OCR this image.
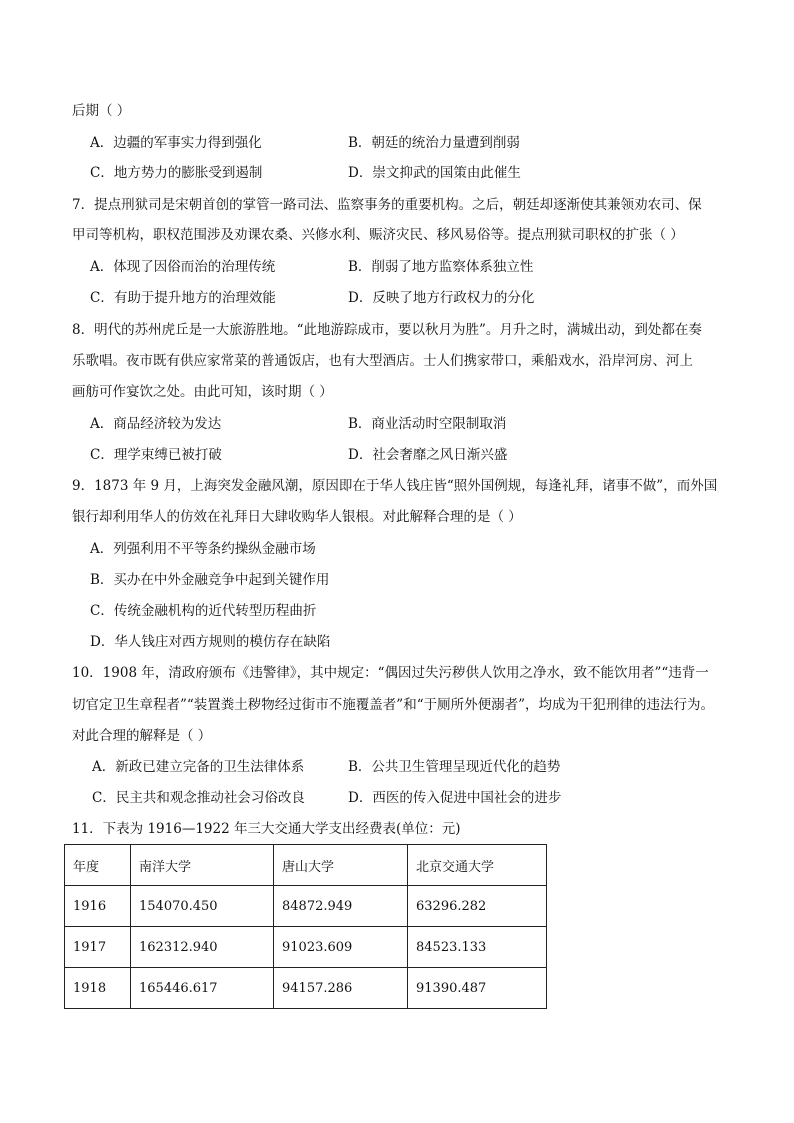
后期（ ）
A．边疆的军事实力得到强化	B．朝廷的统治力量遭到削弱
C．地方势力的膨胀受到遏制	D．崇文抑武的国策由此催生
7．提点刑狱司是宋朝首创的掌管一路司法、监察事务的重要机构。之后，朝廷却逐渐使其兼领劝农司、保
甲司等机构，职权范围涉及劝课农桑、兴修水利、赈济灾民、移风易俗等。提点刑狱司职权的扩张（ ）
A．体现了因俗而治的治理传统	B．削弱了地方监察体系独立性
C．有助于提升地方的治理效能	D．反映了地方行政权力的分化
8．明代的苏州虎丘是一大旅游胜地。“此地游踪成市，要以秋月为胜”。月升之时，满城出动，到处都在奏
乐歌唱。夜市既有供应家常菜的普通饭店，也有大型酒店。士人们携家带口，乘船戏水，沿岸河房、河上
画舫可作宴饮之处。由此可知，该时期（ ）
A．商品经济较为发达	B．商业活动时空限制取消
C．理学束缚已被打破	D．社会奢靡之风日渐兴盛
9．1873 年 9 月，上海突发金融风潮，原因即在于华人钱庄皆“照外国例规，每逢礼拜，诸事不做”，而外国
银行却利用华人的仿效在礼拜日大肆收购华人银根。对此解释合理的是（ ）
A．列强利用不平等条约操纵金融市场
B．买办在中外金融竞争中起到关键作用
C．传统金融机构的近代转型历程曲折
D．华人钱庄对西方规则的模仿存在缺陷
10．1908 年，清政府颁布《违警律》，其中规定：“偶因过失污秽供人饮用之净水，致不能饮用者”“违背一
切官定卫生章程者”“装置粪土秽物经过街市不施覆盖者”和“于厕所外便溺者”，均成为干犯刑律的违法行为。
对此合理的解释是（ ）
A．新政已建立完备的卫生法律体系	B．公共卫生管理呈现近代化的趋势
C．民主共和观念推动社会习俗改良	D．西医的传入促进中国社会的进步
11．下表为 1916—1922 年三大交通大学支出经费表(单位：元)
年度	南洋大学	唐山大学	北京交通大学
1916	154070.450	84872.949	63296.282
1917	162312.940	91023.609	84523.133
1918	165446.617	94157.286	91390.487
